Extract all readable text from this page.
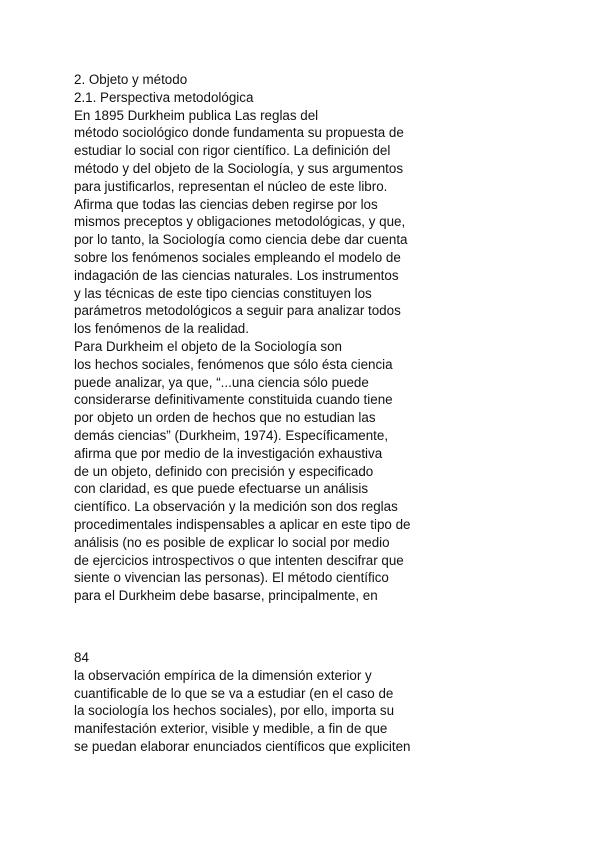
2. Objeto y método
2.1. Perspectiva metodológica
En 1895 Durkheim publica Las reglas del
método sociológico donde fundamenta su propuesta de
estudiar lo social con rigor científico. La definición del
método y del objeto de la Sociología, y sus argumentos
para justificarlos, representan el núcleo de este libro.
Afirma que todas las ciencias deben regirse por los
mismos preceptos y obligaciones metodológicas, y que,
por lo tanto, la Sociología como ciencia debe dar cuenta
sobre los fenómenos sociales empleando el modelo de
indagación de las ciencias naturales. Los instrumentos
y las técnicas de este tipo ciencias constituyen los
parámetros metodológicos a seguir para analizar todos
los fenómenos de la realidad.
Para Durkheim el objeto de la Sociología son
los hechos sociales, fenómenos que sólo ésta ciencia
puede analizar, ya que, “...una ciencia sólo puede
considerarse definitivamente constituida cuando tiene
por objeto un orden de hechos que no estudian las
demás ciencias” (Durkheim, 1974). Específicamente,
afirma que por medio de la investigación exhaustiva
de un objeto, definido con precisión y especificado
con claridad, es que puede efectuarse un análisis
científico. La observación y la medición son dos reglas
procedimentales indispensables a aplicar en este tipo de
análisis (no es posible de explicar lo social por medio
de ejercicios introspectivos o que intenten descifrar que
siente o vivencian las personas). El método científico
para el Durkheim debe basarse, principalmente, en
84
la observación empírica de la dimensión exterior y
cuantificable de lo que se va a estudiar (en el caso de
la sociología los hechos sociales), por ello, importa su
manifestación exterior, visible y medible, a fin de que
se puedan elaborar enunciados científicos que expliciten
